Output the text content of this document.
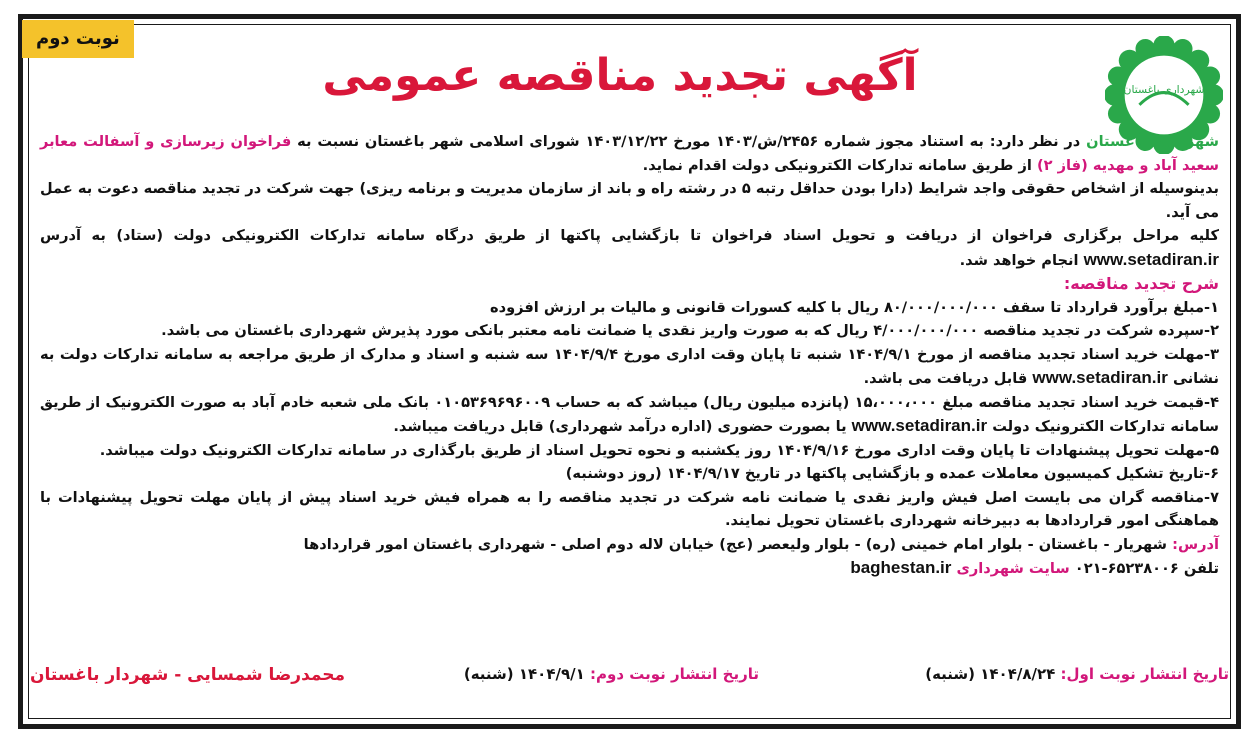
نوبت دوم
آگهی تجدید مناقصه عمومی	شهرداری باغستان

شهرداری باغستان در نظر دارد: به استناد مجوز شماره ۲۴۵۶/ش/۱۴۰۳ مورخ ۱۴۰۳/۱۲/۲۲ شورای اسلامی شهر باغستان نسبت به فراخوان زیرسازی و آسفالت معابر سعید آباد و مهدیه (فاز ۲) از طریق سامانه تدارکات الکترونیکی دولت اقدام نماید.

بدینوسیله از اشخاص حقوقی واجد شرایط (دارا بودن حداقل رتبه ۵ در رشته راه و باند از سازمان مدیریت و برنامه ریزی) جهت شرکت در تجدید مناقصه دعوت به عمل می آید.

کلیه مراحل برگزاری فراخوان از دریافت و تحویل اسناد فراخوان تا بازگشایی پاکتها از طریق درگاه سامانه تدارکات الکترونیکی دولت (ستاد) به آدرس www.setadiran.ir انجام خواهد شد.

شرح تجدید مناقصه:

۱-مبلغ برآورد قرارداد تا سقف ۸۰/۰۰۰/۰۰۰/۰۰۰ ریال با کلیه کسورات قانونی و مالیات بر ارزش افزوده

۲-سپرده شرکت در تجدید مناقصه ۴/۰۰۰/۰۰۰/۰۰۰ ریال که به صورت واریز نقدی یا ضمانت نامه معتبر بانکی مورد پذیرش شهرداری باغستان می باشد.

۳-مهلت خرید اسناد تجدید مناقصه از مورخ ۱۴۰۴/۹/۱ شنبه تا پایان وقت اداری مورخ ۱۴۰۴/۹/۴ سه شنبه و اسناد و مدارک از طریق مراجعه به سامانه تدارکات دولت به نشانی www.setadiran.ir قابل دریافت می باشد.

۴-قیمت خرید اسناد تجدید مناقصه مبلغ ۱۵،۰۰۰،۰۰۰ (پانزده میلیون ریال) میباشد که به حساب ۰۱۰۵۳۶۹۶۹۶۰۰۹ بانک ملی شعبه خادم آباد به صورت الکترونیک از طریق سامانه تدارکات الکترونیک دولت www.setadiran.ir یا بصورت حضوری (اداره درآمد شهرداری) قابل دریافت میباشد.

۵-مهلت تحویل پیشنهادات تا پایان وقت اداری مورخ ۱۴۰۴/۹/۱۶ روز یکشنبه و نحوه تحویل اسناد از طریق بارگذاری در سامانه تدارکات الکترونیک دولت میباشد.

۶-تاریخ تشکیل کمیسیون معاملات عمده و بازگشایی پاکتها در تاریخ ۱۴۰۴/۹/۱۷ (روز دوشنبه)

۷-مناقصه گران می بایست اصل فیش واریز نقدی یا ضمانت نامه شرکت در تجدید مناقصه را به همراه فیش خرید اسناد پیش از پایان مهلت تحویل پیشنهادات با هماهنگی امور قراردادها به دبیرخانه شهرداری باغستان تحویل نمایند.

آدرس: شهریار - باغستان - بلوار امام خمینی (ره) - بلوار ولیعصر (عج) خیابان لاله دوم اصلی - شهرداری باغستان امور قراردادها

تلفن ۶۵۲۳۸۰۰۶-۰۲۱ سایت شهرداری baghestan.ir

تاریخ انتشار نوبت اول: ۱۴۰۴/۸/۲۴ (شنبه)
تاریخ انتشار نوبت دوم: ۱۴۰۴/۹/۱ (شنبه)
محمدرضا شمسایی - شهردار باغستان
